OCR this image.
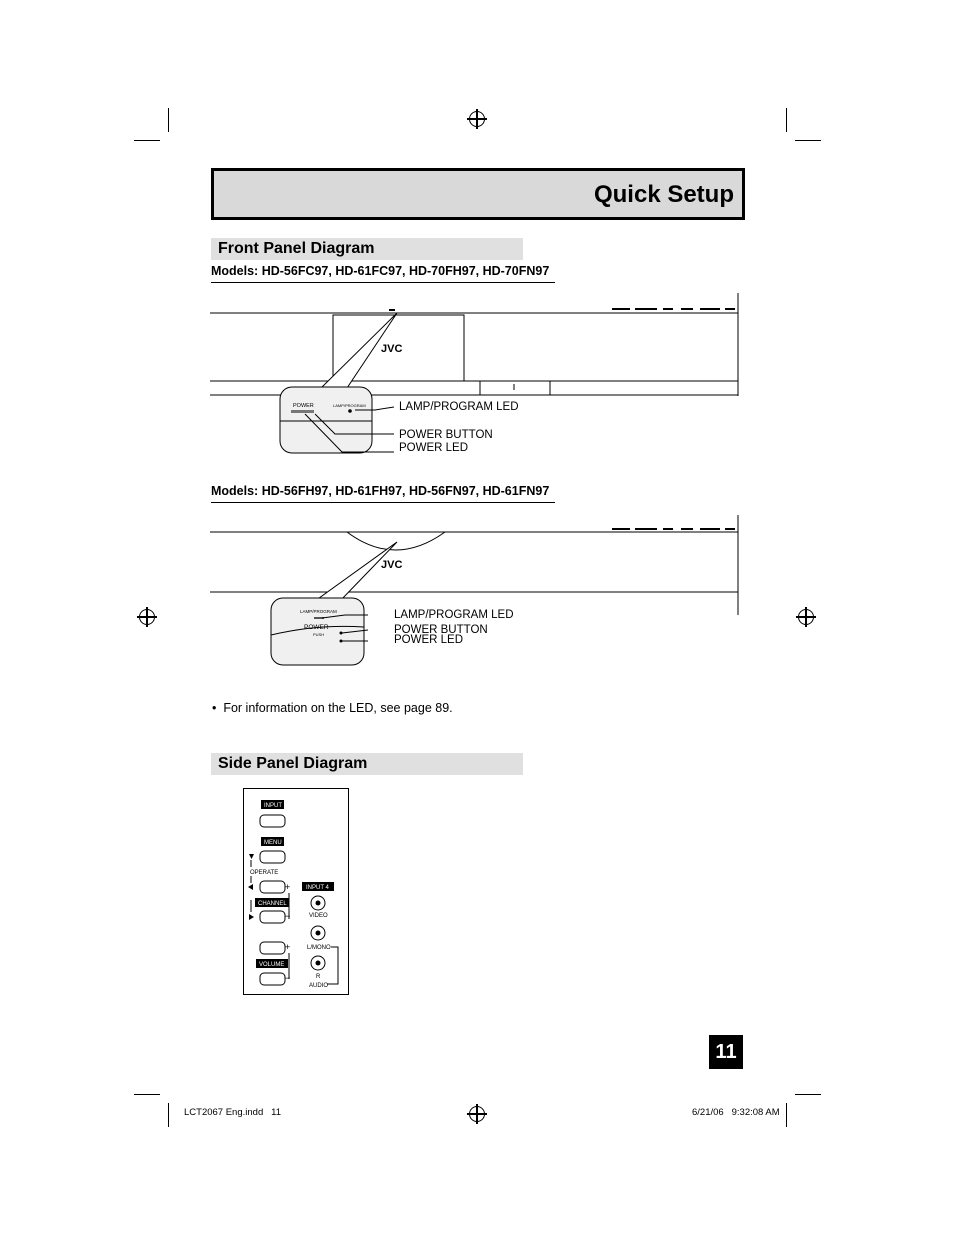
Quick Setup
Front Panel Diagram
Models: HD-56FC97, HD-61FC97, HD-70FH97, HD-70FN97
JVC
POWER	LAMP/PROGRAM	LAMP/PROGRAM LED
POWER BUTTON
POWER LED
Models: HD-56FH97, HD-61FH97, HD-56FN97, HD-61FN97
JVC
LAMP/PROGRAM
POWER
PUSH
LAMP/PROGRAM LED
POWER BUTTON
POWER LED
•  For information on the LED, see page 89.
Side Panel Diagram
INPUT
MENU
OPERATE
+
CHANNEL
−
+
VOLUME
−
INPUT 4
VIDEO
L/MONO
R
AUDIO
11
LCT2067 Eng.indd   11	6/21/06   9:32:08 AM
